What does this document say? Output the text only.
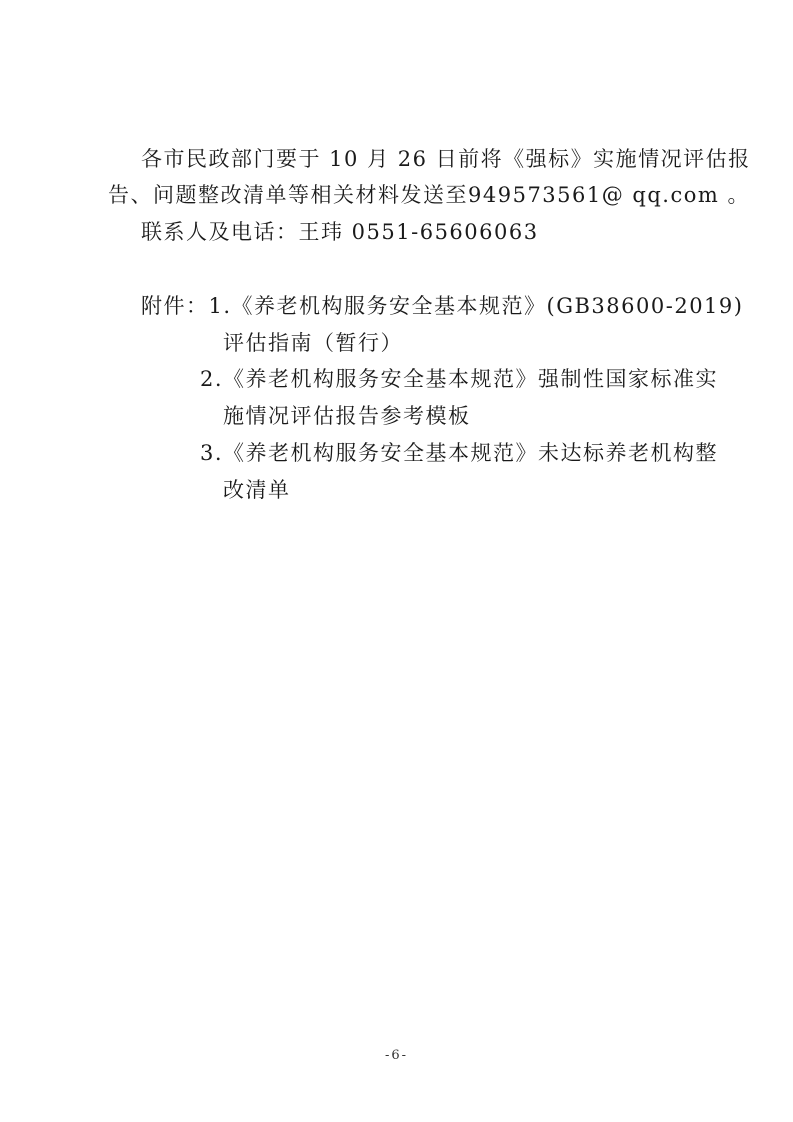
各市民政部门要于 10 月 26 日前将《强标》实施情况评估报
告、问题整改清单等相关材料发送至949573561@ qq.com 。
联系人及电话：王玮 0551-65606063
附件：1.《养老机构服务安全基本规范》(GB38600-2019)
评估指南（暂行）
2.《养老机构服务安全基本规范》强制性国家标准实
施情况评估报告参考模板
3.《养老机构服务安全基本规范》未达标养老机构整
改清单
-6-
